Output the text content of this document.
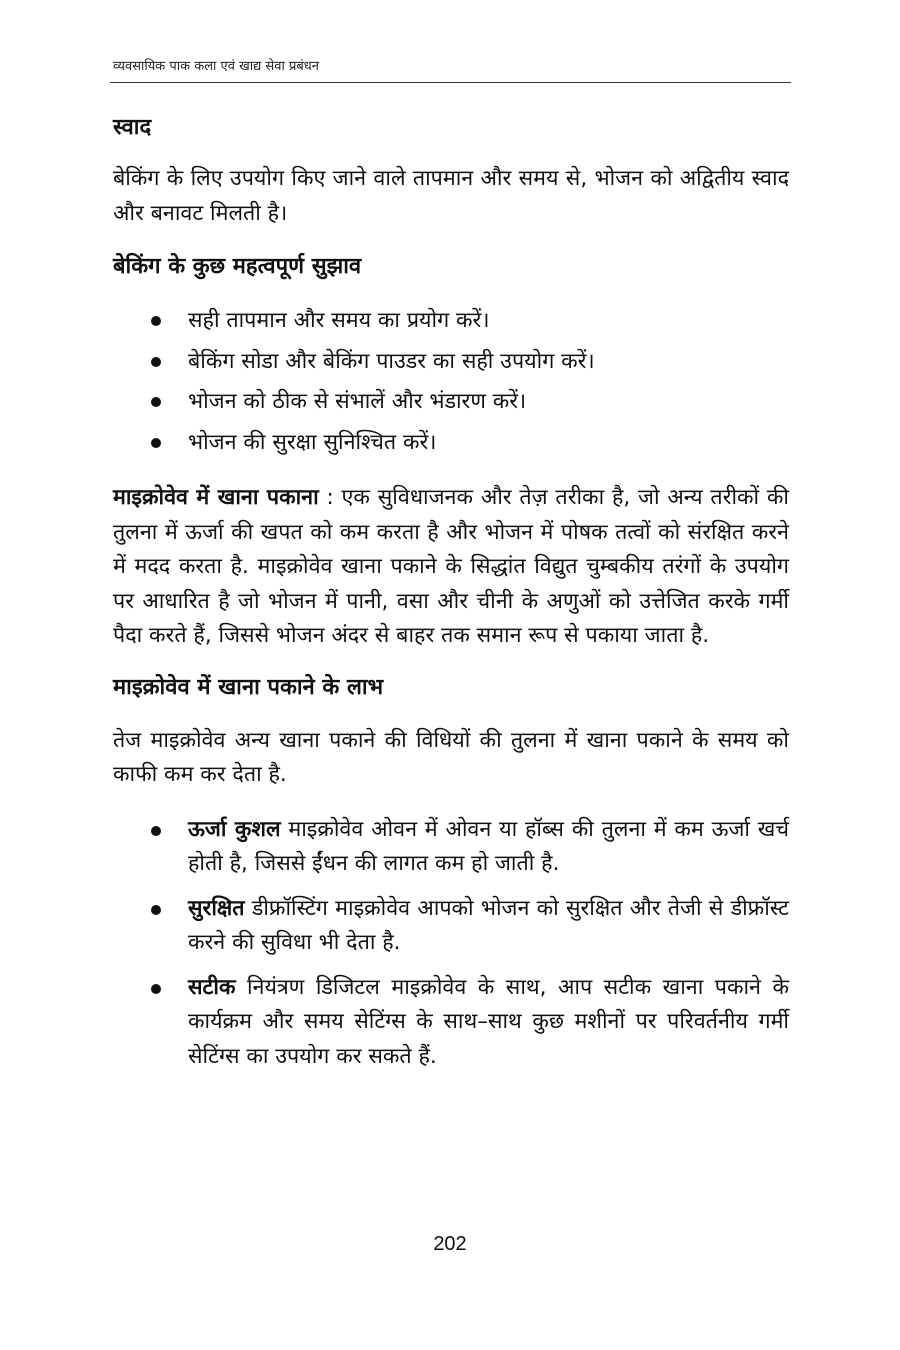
व्यवसायिक पाक कला एवं खाद्य सेवा प्रबंधन
स्वाद

बेकिंग के लिए उपयोग किए जाने वाले तापमान और समय से, भोजन को अद्वितीय स्वाद और बनावट मिलती है।

बेकिंग के कुछ महत्वपूर्ण सुझाव
सही तापमान और समय का प्रयोग करें।
बेकिंग सोडा और बेकिंग पाउडर का सही उपयोग करें।
भोजन को ठीक से संभालें और भंडारण करें।
भोजन की सुरक्षा सुनिश्चित करें।

माइक्रोवेव में खाना पकाना : एक सुविधाजनक और तेज़ तरीका है, जो अन्य तरीकों की तुलना में ऊर्जा की खपत को कम करता है और भोजन में पोषक तत्वों को संरक्षित करने में मदद करता है. माइक्रोवेव खाना पकाने के सिद्धांत विद्युत चुम्बकीय तरंगों के उपयोग पर आधारित है जो भोजन में पानी, वसा और चीनी के अणुओं को उत्तेजित करके गर्मी पैदा करते हैं, जिससे भोजन अंदर से बाहर तक समान रूप से पकाया जाता है.

माइक्रोवेव में खाना पकाने के लाभ

तेज माइक्रोवेव अन्य खाना पकाने की विधियों की तुलना में खाना पकाने के समय को काफी कम कर देता है.

ऊर्जा कुशल माइक्रोवेव ओवन में ओवन या हॉब्स की तुलना में कम ऊर्जा खर्च होती है, जिससे ईंधन की लागत कम हो जाती है.
सुरक्षित डीफ्रॉस्टिंग माइक्रोवेव आपको भोजन को सुरक्षित और तेजी से डीफ्रॉस्ट करने की सुविधा भी देता है.
सटीक नियंत्रण डिजिटल माइक्रोवेव के साथ, आप सटीक खाना पकाने के कार्यक्रम और समय सेटिंग्स के साथ–साथ कुछ मशीनों पर परिवर्तनीय गर्मी सेटिंग्स का उपयोग कर सकते हैं.
202
